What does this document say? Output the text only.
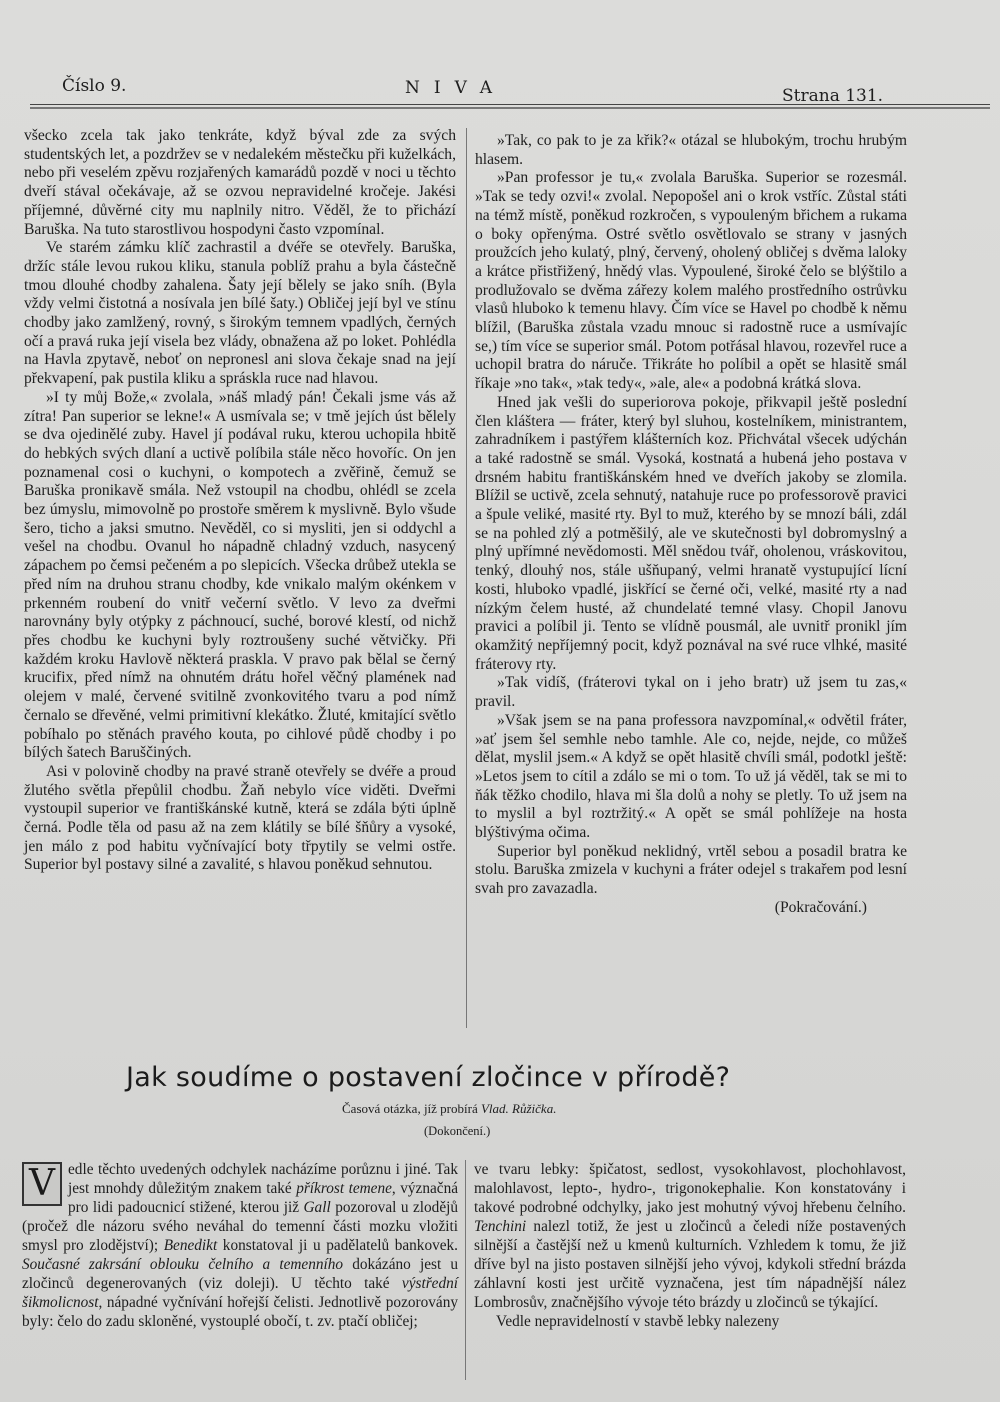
Číslo 9.	NIVA	Strana 131.

všecko zcela tak jako tenkráte, když býval zde za svých studentských let, a pozdržev se v nedalekém městečku při kuželkách, nebo při veselém zpěvu rozjařených kamarádů pozdě v noci u těchto dveří stával očekávaje, až se ozvou nepravidelné kročeje. Jakési příjemné, důvěrné city mu naplnily nitro. Věděl, že to přichází Baruška. Na tuto starostlivou hospodyni často vzpomínal.

Ve starém zámku klíč zachrastil a dvéře se otevřely. Baruška, držíc stále levou rukou kliku, stanula poblíž prahu a byla částečně tmou dlouhé chodby zahalena. Šaty její bělely se jako sníh. (Byla vždy velmi čistotná a nosívala jen bílé šaty.) Obličej její byl ve stínu chodby jako zamlžený, rovný, s širokým temnem vpadlých, černých očí a pravá ruka její visela bez vlády, obnažena až po loket. Pohlédla na Havla zpytavě, neboť on nepronesl ani slova čekaje snad na její překvapení, pak pustila kliku a spráskla ruce nad hlavou.

»I ty můj Bože,« zvolala, »náš mladý pán! Čekali jsme vás až zítra! Pan superior se lekne!« A usmívala se; v tmě jejích úst bělely se dva ojedinělé zuby. Havel jí podával ruku, kterou uchopila hbitě do hebkých svých dlaní a uctivě políbila stále něco hovoříc. On jen poznamenal cosi o kuchyni, o kompotech a zvěřině, čemuž se Baruška pronikavě smála. Než vstoupil na chodbu, ohlédl se zcela bez úmyslu, mimovolně po prostoře směrem k myslivně. Bylo všude šero, ticho a jaksi smutno. Nevěděl, co si mysliti, jen si oddychl a vešel na chodbu. Ovanul ho nápadně chladný vzduch, nasycený zápachem po čemsi pečeném a po slepicích. Všecka drůbež utekla se před ním na druhou stranu chodby, kde vnikalo malým okénkem v prkenném roubení do vnitř večerní světlo. V levo za dveřmi narovnány byly otýpky z páchnoucí, suché, borové klestí, od nichž přes chodbu ke kuchyni byly roztroušeny suché větvičky. Při každém kroku Havlově některá praskla. V pravo pak bělal se černý krucifix, před nímž na ohnutém drátu hořel věčný plamének nad olejem v malé, červené svitilně zvonkovitého tvaru a pod nímž černalo se dřevěné, velmi primitivní klekátko. Žluté, kmitající světlo pobíhalo po stěnách pravého kouta, po cihlové půdě chodby i po bílých šatech Baruščiných.

Asi v polovině chodby na pravé straně otevřely se dvéře a proud žlutého světla přepůlil chodbu. Žaň nebylo více viděti. Dveřmi vystoupil superior ve františkánské kutně, která se zdála býti úplně černá. Podle těla od pasu až na zem klátily se bílé šňůry a vysoké, jen málo z pod habitu vyčnívající boty třpytily se velmi ostře. Superior byl postavy silné a zavalité, s hlavou poněkud sehnutou.

»Tak, co pak to je za křik?« otázal se hlubokým, trochu hrubým hlasem.

»Pan professor je tu,« zvolala Baruška. Superior se rozesmál. »Tak se tedy ozvi!« zvolal. Nepopošel ani o krok vstříc. Zůstal státi na témž místě, poněkud rozkročen, s vypouleným břichem a rukama o boky opřenýma. Ostré světlo osvětlovalo se strany v jasných proužcích jeho kulatý, plný, červený, oholený obličej s dvěma laloky a krátce přistřižený, hnědý vlas. Vypoulené, široké čelo se blýštilo a prodlužovalo se dvěma zářezy kolem malého prostředního ostrůvku vlasů hluboko k temenu hlavy. Čím více se Havel po chodbě k němu blížil, (Baruška zůstala vzadu mnouc si radostně ruce a usmívajíc se,) tím více se superior smál. Potom potřásal hlavou, rozevřel ruce a uchopil bratra do náruče. Třikráte ho políbil a opět se hlasitě smál říkaje »no tak«, »tak tedy«, »ale, ale« a podobná krátká slova.

Hned jak vešli do superiorova pokoje, přikvapil ještě poslední člen kláštera — fráter, který byl sluhou, kostelníkem, ministrantem, zahradníkem i pastýřem klášterních koz. Přichvátal všecek udýchán a také radostně se smál. Vysoká, kostnatá a hubená jeho postava v drsném habitu františkánském hned ve dveřích jakoby se zlomila. Blížil se uctivě, zcela sehnutý, natahuje ruce po professorově pravici a špule veliké, masité rty. Byl to muž, kterého by se mnozí báli, zdál se na pohled zlý a potměšilý, ale ve skutečnosti byl dobromyslný a plný upřímné nevědomosti. Měl snědou tvář, oholenou, vráskovitou, tenký, dlouhý nos, stále ušňupaný, velmi hranatě vystupující lícní kosti, hluboko vpadlé, jiskřící se černé oči, velké, masité rty a nad nízkým čelem husté, až chundelaté temné vlasy. Chopil Janovu pravici a políbil ji. Tento se vlídně pousmál, ale uvnitř pronikl jím okamžitý nepříjemný pocit, když poznával na své ruce vlhké, masité fráterovy rty.

»Tak vidíš, (fráterovi tykal on i jeho bratr) už jsem tu zas,« pravil.

»Však jsem se na pana professora navzpomínal,« odvětil fráter, »ať jsem šel semhle nebo tamhle. Ale co, nejde, nejde, co můžeš dělat, myslil jsem.« A když se opět hlasitě chvíli smál, podotkl ještě: »Letos jsem to cítil a zdálo se mi o tom. To už já věděl, tak se mi to ňák těžko chodilo, hlava mi šla dolů a nohy se pletly. To už jsem na to myslil a byl roztržitý.« A opět se smál pohlížeje na hosta blýštivýma očima.

Superior byl poněkud neklidný, vrtěl sebou a posadil bratra ke stolu. Baruška zmizela v kuchyni a fráter odejel s trakařem pod lesní svah pro zavazadla.

(Pokračování.)

Jak soudíme o postavení zločince v přírodě?
Časová otázka, jíž probírá Vlad. Růžička.
(Dokončení.)

V edle těchto uvedených odchylek nacházíme porůznu i jiné. Tak jest mnohdy důležitým znakem také příkrost temene, význačná pro lidi padoucnicí stižené, kterou již Gall pozoroval u zlodějů (pročež dle názoru svého neváhal do temenní části mozku vložiti smysl pro zlodějství); Benedikt konstatoval ji u padělatelů bankovek. Současné zakrsání oblouku čelního a temenního dokázáno jest u zločinců degenerovaných (viz doleji). U těchto také výstřední šikmolicnost, nápadné vyčnívání hořejší čelisti. Jednotlivě pozorovány byly: čelo do zadu skloněné, vystouplé obočí, t. zv. ptačí obličej;

ve tvaru lebky: špičatost, sedlost, vysokohlavost, plochohlavost, malohlavost, lepto-, hydro-, trigonokephalie. Kon konstatovány i takové podrobné odchylky, jako jest mohutný vývoj hřebenu čelního. Tenchini nalezl totiž, že jest u zločinců a čeledi níže postavených silnější a častější než u kmenů kulturních. Vzhledem k tomu, že již dříve byl na jisto postaven silnější jeho vývoj, kdykoli střední brázda záhlavní kosti jest určitě vyznačena, jest tím nápadnější nález Lombrosův, značnějšího vývoje této brázdy u zločinců se týkající.

Vedle nepravidelností v stavbě lebky nalezeny
